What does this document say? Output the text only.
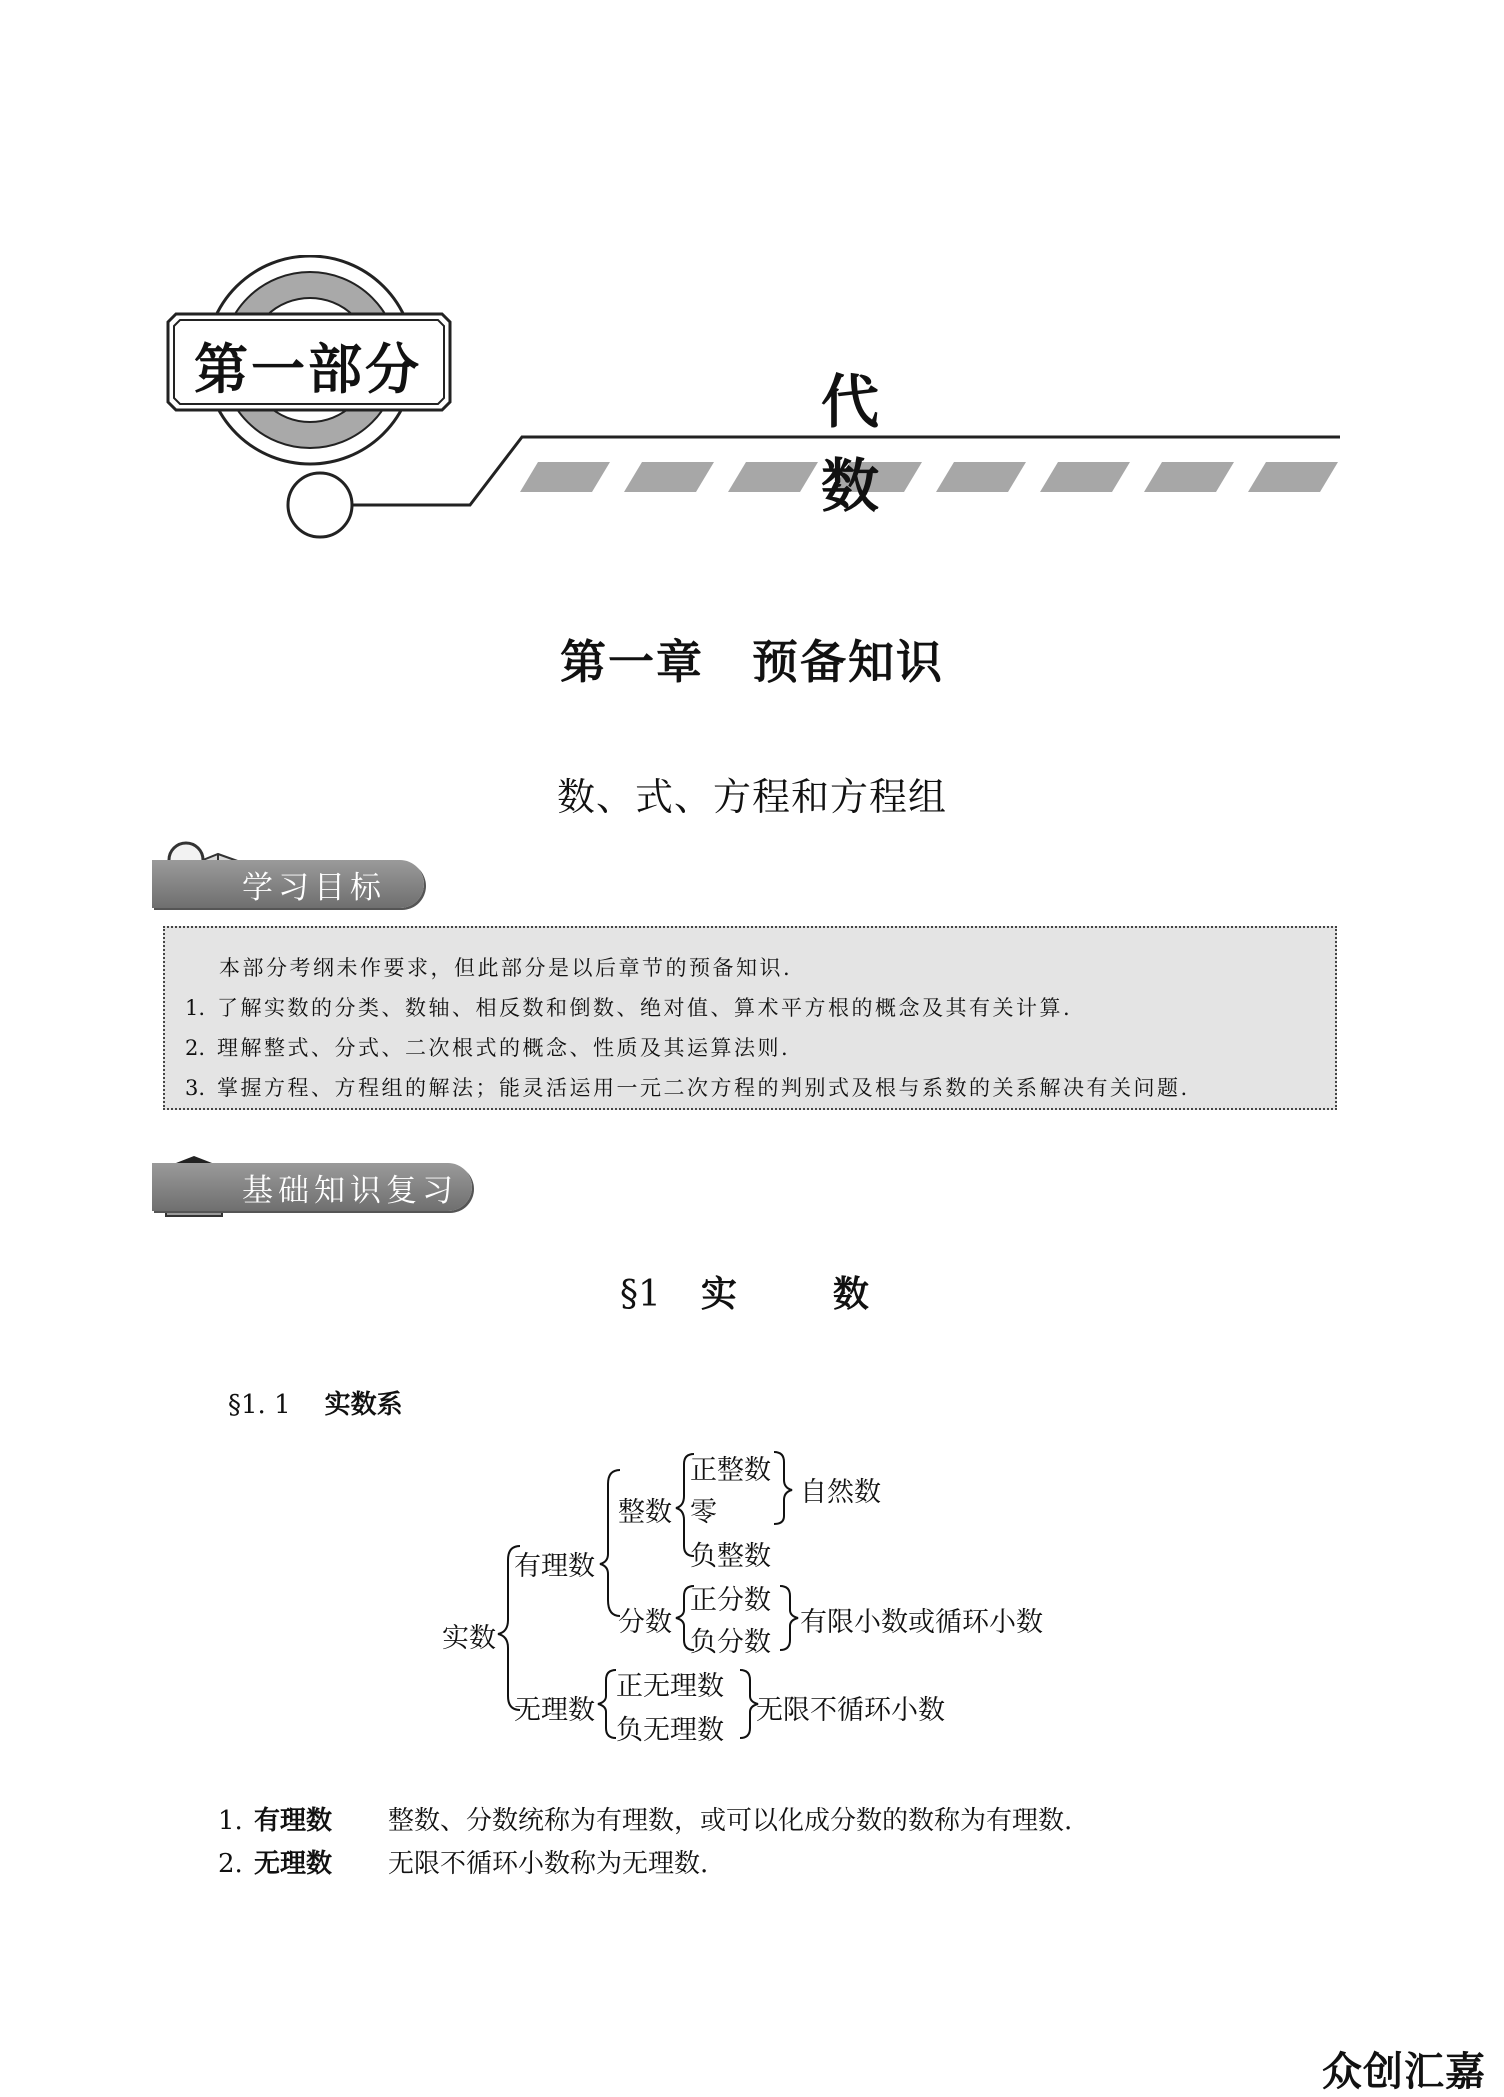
第一部分	代数
第一章　预备知识
数、式、方程和方程组
学习目标
本部分考纲未作要求，但此部分是以后章节的预备知识.
1. 了解实数的分类、数轴、相反数和倒数、绝对值、算术平方根的概念及其有关计算.
2. 理解整式、分式、二次根式的概念、性质及其运算法则.
3. 掌握方程、方程组的解法；能灵活运用一元二次方程的判别式及根与系数的关系解决有关问题.
基础知识复习
§1 实数
§1. 1 实数系
实数
有理数
整数
正整数
零
负整数
自然数
分数
正分数
负分数
有限小数或循环小数
无理数
正无理数
负无理数
无限不循环小数
1. 有理数 整数、分数统称为有理数，或可以化成分数的数称为有理数.
2. 无理数 无限不循环小数称为无理数.
众创汇嘉
